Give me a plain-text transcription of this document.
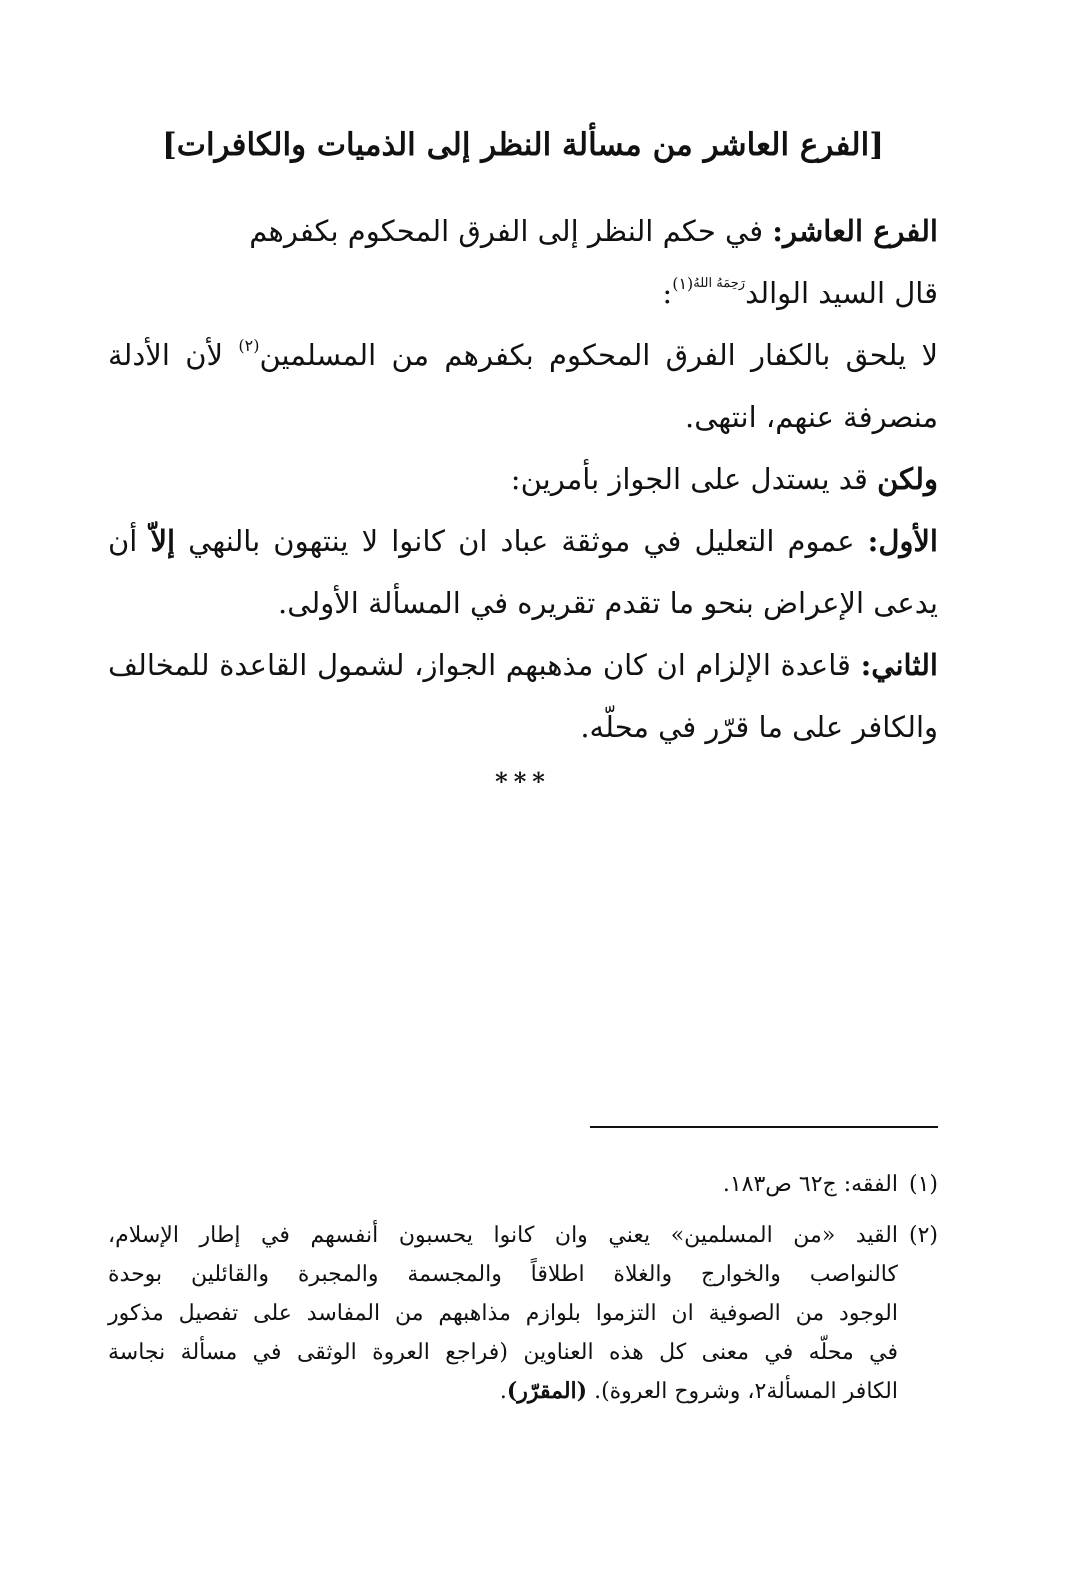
[الفرع العاشر من مسألة النظر إلى الذميات والكافرات]

الفرع العاشر: في حكم النظر إلى الفرق المحكوم بكفرهم

قال السيد الوالد$^{رَحِمَهُ اللهُ(١)}$:

لا يلحق بالكفار الفرق المحكوم بكفرهم من المسلمين$^{(٢)}$ لأن الأدلة
منصرفة عنهم، انتهى.

ولكن قد يستدل على الجواز بأمرين:

الأول: عموم التعليل في موثقة عباد ان كانوا لا ينتهون بالنهي إلاّ أن
يدعى الإعراض بنحو ما تقدم تقريره في المسألة الأولى.

الثاني: قاعدة الإلزام ان كان مذهبهم الجواز، لشمول القاعدة للمخالف
والكافر على ما قرّر في محلّه.

***
(١)
الفقه: ج٦٢ ص١٨٣.
(٢)
القيد «من المسلمين» يعني وان كانوا يحسبون أنفسهم في إطار الإسلام،
كالنواصب والخوارج والغلاة اطلاقاً والمجسمة والمجبرة والقائلين بوحدة
الوجود من الصوفية ان التزموا بلوازم مذاهبهم من المفاسد على تفصيل مذكور
في محلّه في معنى كل هذه العناوين (فراجع العروة الوثقى في مسألة نجاسة
الكافر المسألة٢، وشروح العروة). (المقرّر).
